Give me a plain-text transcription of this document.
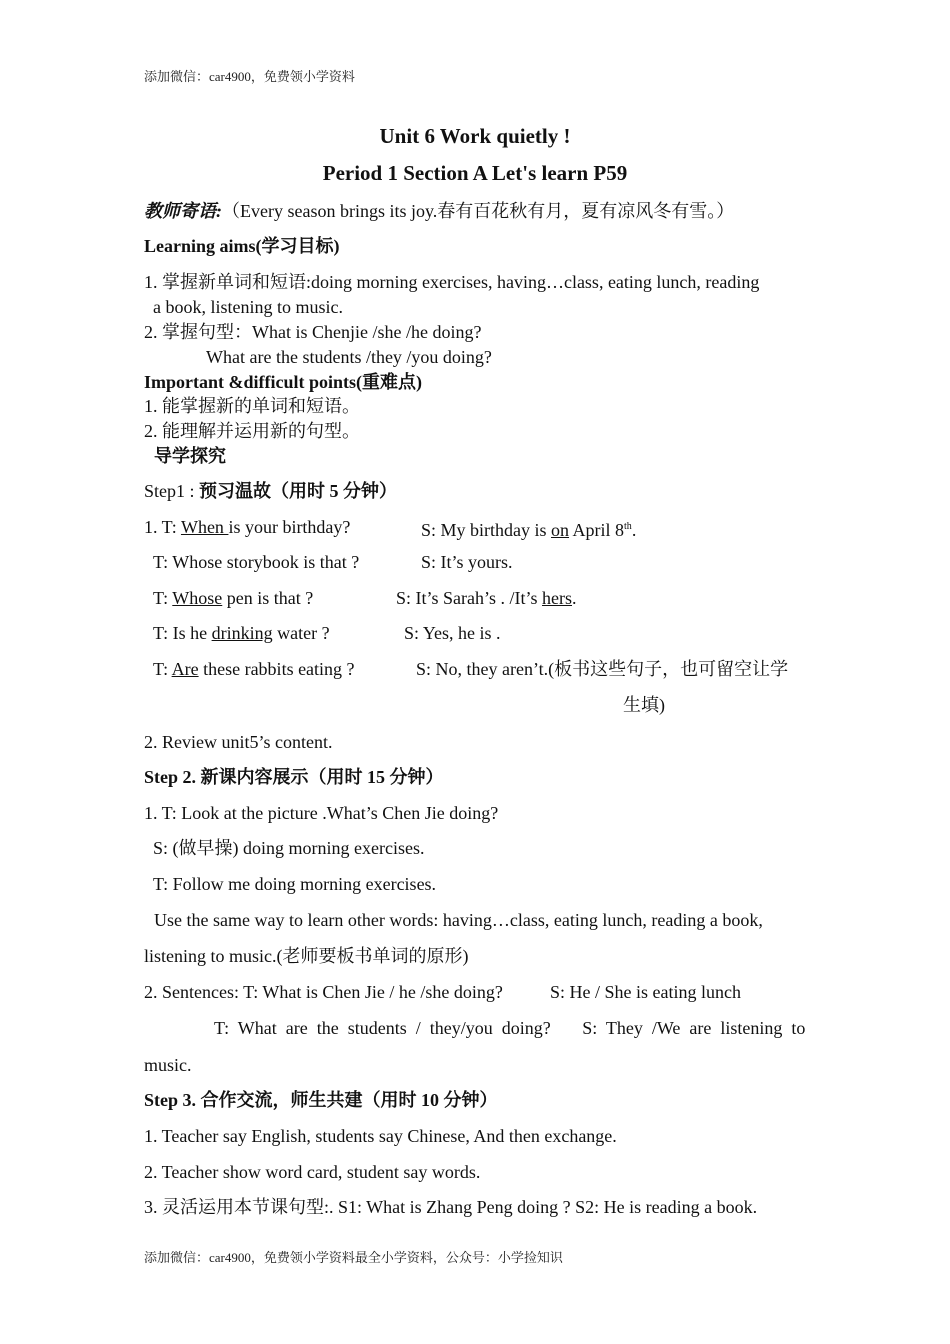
添加微信：car4900，免费领小学资料
Unit 6 Work quietly !
Period 1 Section A Let's learn P59
教师寄语:（Every season brings its joy.春有百花秋有月，夏有凉风冬有雪。）
Learning aims(学习目标)
1. 掌握新单词和短语:doing morning exercises, having…class, eating lunch, reading
a book, listening to music.
2. 掌握句型：What is Chenjie /she /he doing?
What are the students /they /you doing?
Important &difficult points(重难点)
1. 能掌握新的单词和短语。
2. 能理解并运用新的句型。
导学探究
Step1 : 预习温故（用时 5 分钟）
1. T: When is your birthday?	S: My birthday is on April 8th.
T: Whose storybook is that ?	S: It’s yours.
T: Whose pen is that ?	S: It’s Sarah’s . /It’s hers.
T: Is he drinking water ?	S: Yes, he is .
T: Are these rabbits eating ?	S: No, they aren’t.(板书这些句子，也可留空让学
生填)
2. Review unit5’s content.
Step 2. 新课内容展示（用时 15 分钟）
1. T: Look at the picture .What’s Chen Jie doing?
S: (做早操) doing morning exercises.
T: Follow me doing morning exercises.
Use the same way to learn other words: having…class, eating lunch, reading a book,
listening to music.(老师要板书单词的原形)
2. Sentences: T: What is Chen Jie / he /she doing?	S: He / She is eating lunch
T:  What  are  the  students  /  they/you  doing?       S:  They  /We  are  listening  to
music.
Step 3. 合作交流，师生共建（用时 10 分钟）
1. Teacher say English, students say Chinese, And then exchange.
2. Teacher show word card, student say words.
3. 灵活运用本节课句型:. S1: What is Zhang Peng doing ? S2: He is reading a book.
添加微信：car4900，免费领小学资料最全小学资料，公众号：小学捡知识
